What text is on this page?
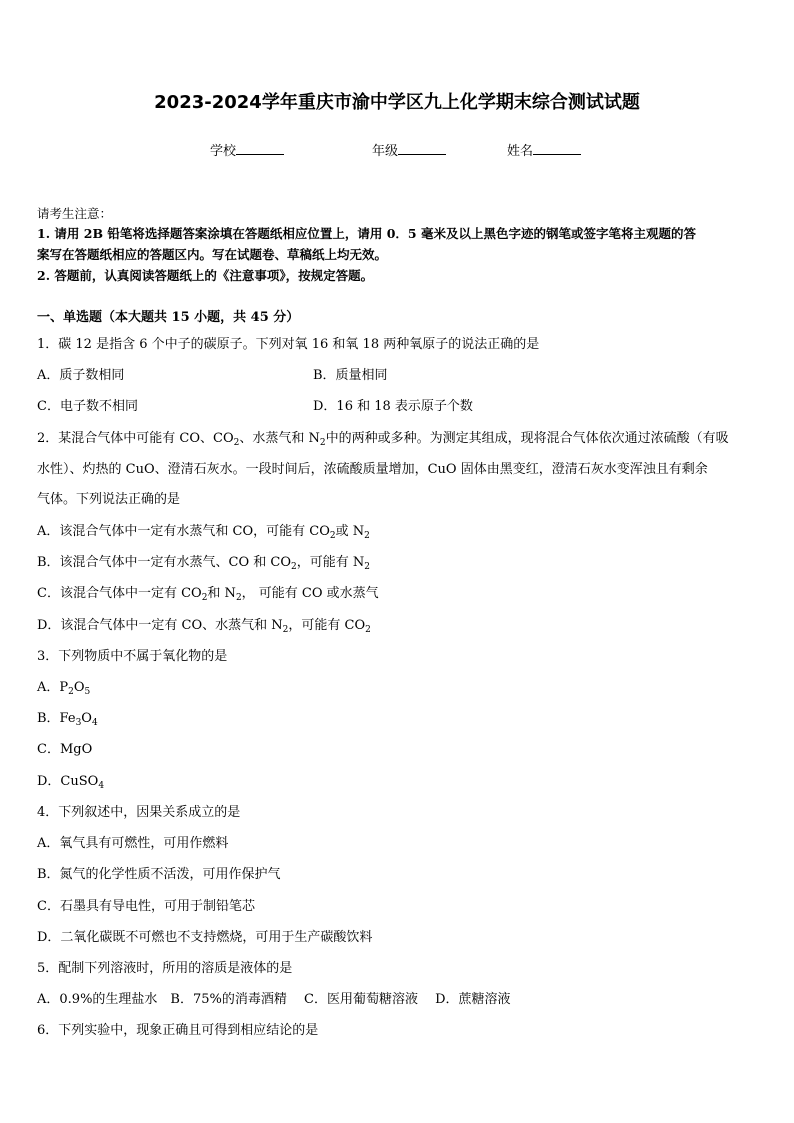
2023-2024学年重庆市渝中学区九上化学期末综合测试试题
学校	年级	姓名
请考生注意：
1. 请用 2B 铅笔将选择题答案涂填在答题纸相应位置上，请用 0．5 毫米及以上黑色字迹的钢笔或签字笔将主观题的答
案写在答题纸相应的答题区内。写在试题卷、草稿纸上均无效。
2. 答题前，认真阅读答题纸上的《注意事项》，按规定答题。
一、单选题（本大题共 15 小题，共 45 分）
1．碳 12 是指含 6 个中子的碳原子。下列对氧 16 和氧 18 两种氧原子的说法正确的是
A．质子数相同	B．质量相同
C．电子数不相同	D．16 和 18 表示原子个数
2．某混合气体中可能有 CO、$CO_2$、水蒸气和 $N_2$中的两种或多种。为测定其组成，现将混合气体依次通过浓硫酸（有吸
水性）、灼热的 CuO、澄清石灰水。一段时间后，浓硫酸质量增加，CuO 固体由黑变红，澄清石灰水变浑浊且有剩余
气体。下列说法正确的是
A．该混合气体中一定有水蒸气和 CO，可能有 $CO_2$或 $N_2$
B．该混合气体中一定有水蒸气、CO 和 $CO_2$，可能有 $N_2$
C．该混合气体中一定有 $CO_2$和 $N_2$， 可能有 CO 或水蒸气
D．该混合气体中一定有 CO、水蒸气和 $N_2$，可能有 $CO_2$
3．下列物质中不属于氧化物的是
A．$P_2O_5$
B．$Fe_3O_4$
C．MgO
D．CuSO$_4$
4．下列叙述中，因果关系成立的是
A．氧气具有可燃性，可用作燃料
B．氮气的化学性质不活泼，可用作保护气
C．石墨具有导电性，可用于制铅笔芯
D．二氧化碳既不可燃也不支持燃烧，可用于生产碳酸饮料
5．配制下列溶液时，所用的溶质是液体的是
A．0.9%的生理盐水　B．75%的消毒酒精　 C．医用葡萄糖溶液　 D．蔗糖溶液
6．下列实验中，现象正确且可得到相应结论的是
